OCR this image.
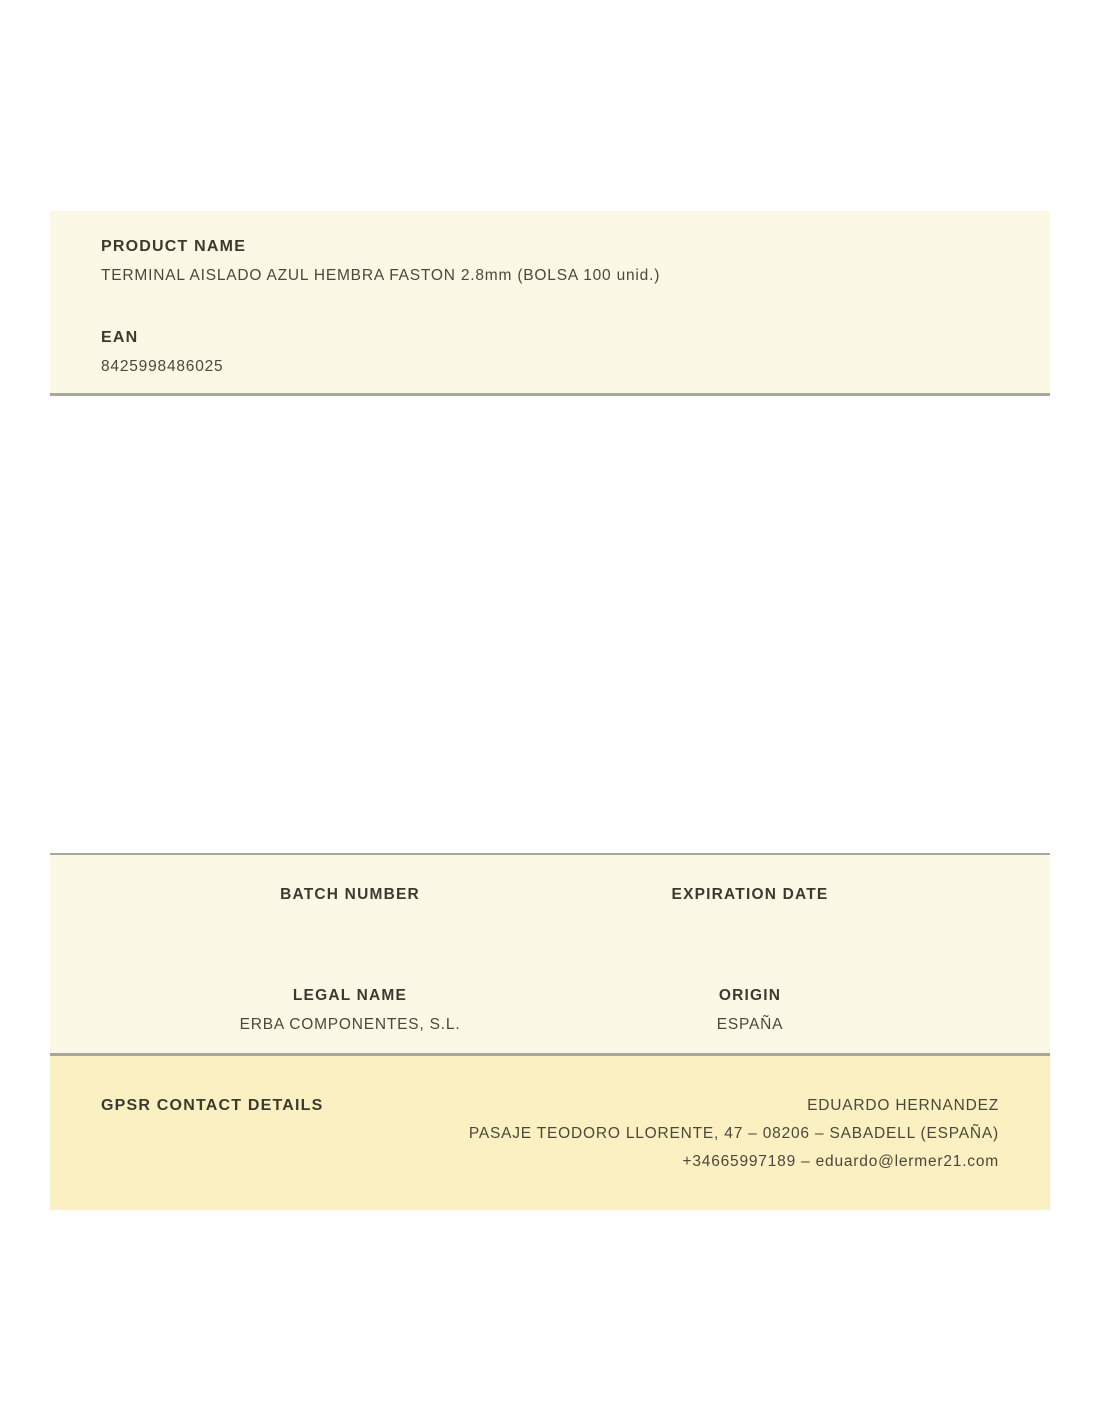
PRODUCT NAME
TERMINAL AISLADO AZUL HEMBRA FASTON 2.8mm (BOLSA 100 unid.)
EAN
8425998486025
BATCH NUMBER	EXPIRATION DATE
LEGAL NAME
ERBA COMPONENTES, S.L.
ORIGIN
ESPAÑA
GPSR CONTACT DETAILS	EDUARDO HERNANDEZ
PASAJE TEODORO LLORENTE, 47 – 08206 – SABADELL (ESPAÑA)
+34665997189 – eduardo@lermer21.com
